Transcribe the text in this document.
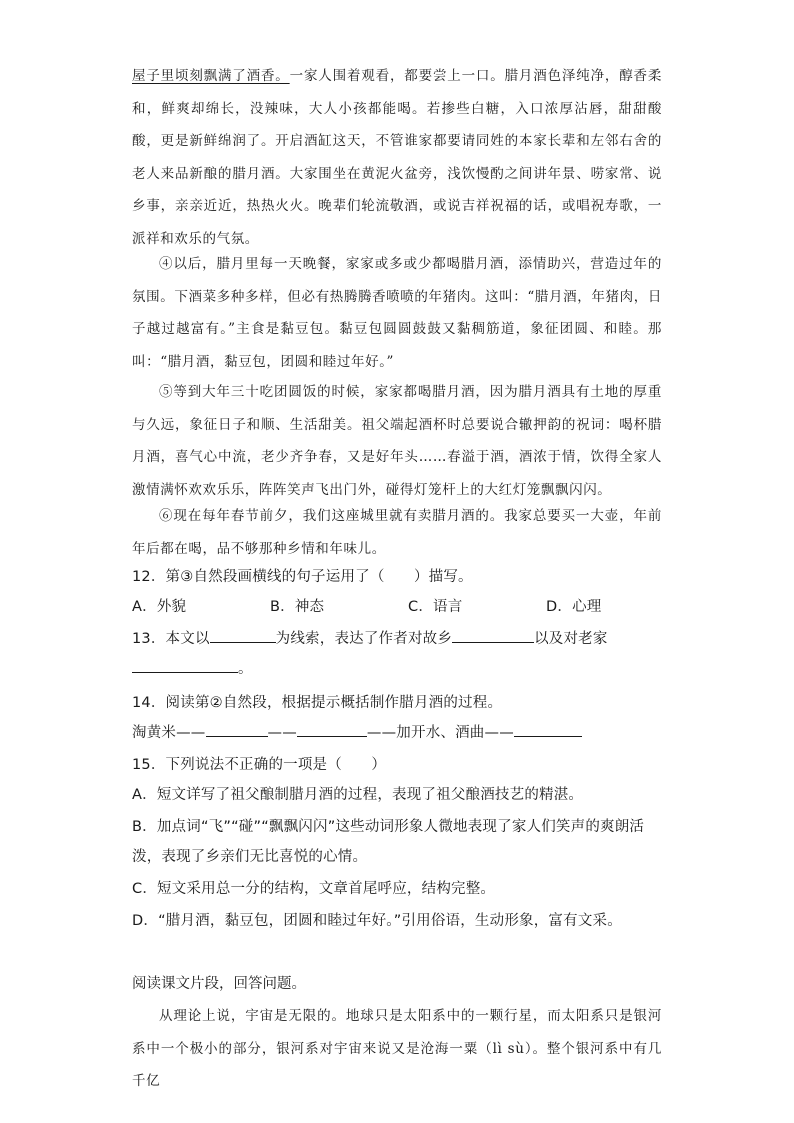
屋子里顷刻飘满了酒香。一家人围着观看，都要尝上一口。腊月酒色泽纯净，醇香柔和，鲜爽却绵长，没辣味，大人小孩都能喝。若掺些白糖，入口浓厚沾唇，甜甜酸酸，更是新鲜绵润了。开启酒缸这天，不管谁家都要请同姓的本家长辈和左邻右舍的老人来品新酿的腊月酒。大家围坐在黄泥火盆旁，浅饮慢酌之间讲年景、唠家常、说乡事，亲亲近近，热热火火。晚辈们轮流敬酒，或说吉祥祝福的话，或唱祝寿歌，一派祥和欢乐的气氛。
④以后，腊月里每一天晚餐，家家或多或少都喝腊月酒，添情助兴，营造过年的氛围。下酒菜多种多样，但必有热腾腾香喷喷的年猪肉。这叫：“腊月酒，年猪肉，日子越过越富有。”主食是黏豆包。黏豆包圆圆鼓鼓又黏稠筋道，象征团圆、和睦。那叫：“腊月酒，黏豆包，团圆和睦过年好。”
⑤等到大年三十吃团圆饭的时候，家家都喝腊月酒，因为腊月酒具有土地的厚重与久远，象征日子和顺、生活甜美。祖父端起酒杯时总要说合辙押韵的祝词：喝杯腊月酒，喜气心中流，老少齐争春，又是好年头……春溢于酒，酒浓于情，饮得全家人激情满怀欢欢乐乐，阵阵笑声飞出门外，碰得灯笼杆上的大红灯笼飘飘闪闪。
⑥现在每年春节前夕，我们这座城里就有卖腊月酒的。我家总要买一大壶，年前年后都在喝，品不够那种乡情和年味儿。
12．第③自然段画横线的句子运用了（　　）描写。
A．外貌	B．神态	C．语言	D．心理
13．本文以	为线索，表达了作者对故乡	以及对老家
。
14．阅读第②自然段，根据提示概括制作腊月酒的过程。
淘黄米——	——	——加开水、酒曲——
15．下列说法不正确的一项是（　　）
A．短文详写了祖父酿制腊月酒的过程，表现了祖父酿酒技艺的精湛。
B．加点词“飞”“碰”“飘飘闪闪”这些动词形象人微地表现了家人们笑声的爽朗活泼，表现了乡亲们无比喜悦的心情。
C．短文采用总一分的结构，文章首尾呼应，结构完整。
D．“腊月酒，黏豆包，团圆和睦过年好。”引用俗语，生动形象，富有文采。
阅读课文片段，回答问题。
从理论上说，宇宙是无限的。地球只是太阳系中的一颗行星，而太阳系只是银河系中一个极小的部分，银河系对宇宙来说又是沧海一粟（lì sù）。整个银河系中有几千亿
